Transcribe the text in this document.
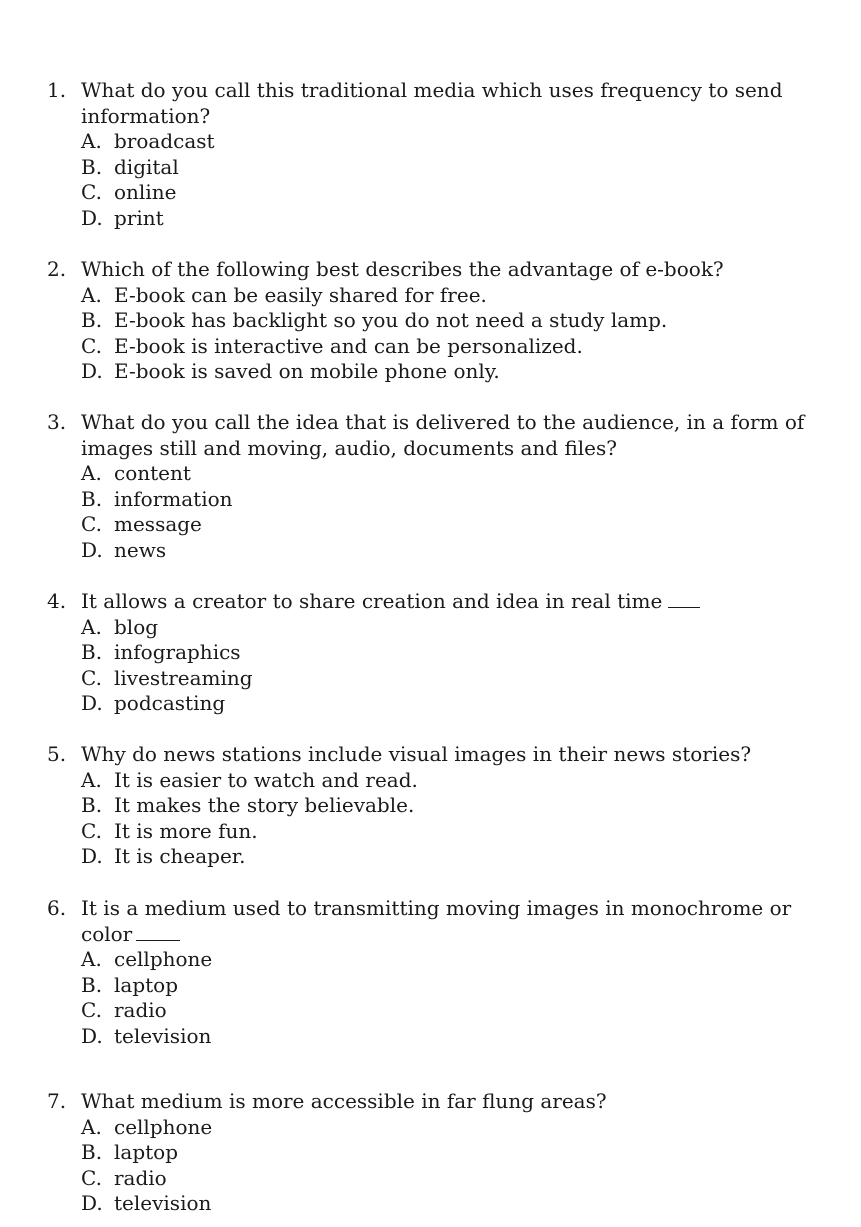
1. What do you call this traditional media which uses frequency to send information?
A. broadcast
B. digital
C. online
D. print
2. Which of the following best describes the advantage of e-book?
A. E-book can be easily shared for free.
B. E-book has backlight so you do not need a study lamp.
C. E-book is interactive and can be personalized.
D. E-book is saved on mobile phone only.
3. What do you call the idea that is delivered to the audience, in a form of images still and moving, audio, documents and files?
A. content
B. information
C. message
D. news
4. It allows a creator to share creation and idea in real time
A. blog
B. infographics
C. livestreaming
D. podcasting
5. Why do news stations include visual images in their news stories?
A. It is easier to watch and read.
B. It makes the story believable.
C. It is more fun.
D. It is cheaper.
6. It is a medium used to transmitting moving images in monochrome or color
A. cellphone
B. laptop
C. radio
D. television
7. What medium is more accessible in far flung areas?
A. cellphone
B. laptop
C. radio
D. television
